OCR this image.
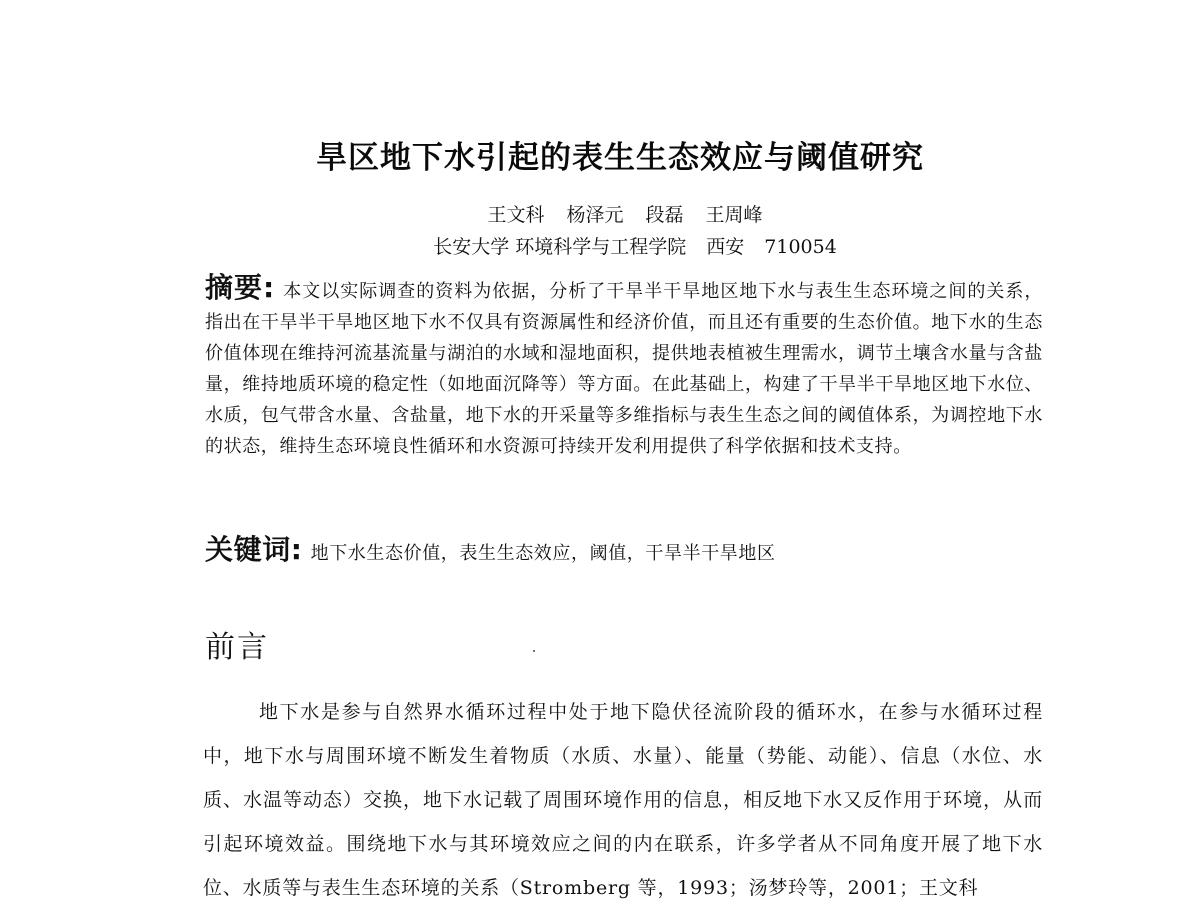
旱区地下水引起的表生生态效应与阈值研究
王文科 杨泽元 段磊 王周峰
长安大学 环境科学与工程学院 西安 710054
摘要: 本文以实际调查的资料为依据，分析了干旱半干旱地区地下水与表生生态环境之间的关系，指出在干旱半干旱地区地下水不仅具有资源属性和经济价值，而且还有重要的生态价值。地下水的生态价值体现在维持河流基流量与湖泊的水域和湿地面积，提供地表植被生理需水，调节土壤含水量与含盐量，维持地质环境的稳定性（如地面沉降等）等方面。在此基础上，构建了干旱半干旱地区地下水位、水质，包气带含水量、含盐量，地下水的开采量等多维指标与表生生态之间的阈值体系，为调控地下水的状态，维持生态环境良性循环和水资源可持续开发利用提供了科学依据和技术支持。
关键词: 地下水生态价值，表生生态效应，阈值，干旱半干旱地区
前言
地下水是参与自然界水循环过程中处于地下隐伏径流阶段的循环水，在参与水循环过程中，地下水与周围环境不断发生着物质（水质、水量）、能量（势能、动能）、信息（水位、水质、水温等动态）交换，地下水记载了周围环境作用的信息，相反地下水又反作用于环境，从而引起环境效益。围绕地下水与其环境效应之间的内在联系，许多学者从不同角度开展了地下水位、水质等与表生生态环境的关系（Stromberg 等，1993；汤梦玲等，2001；王文科
